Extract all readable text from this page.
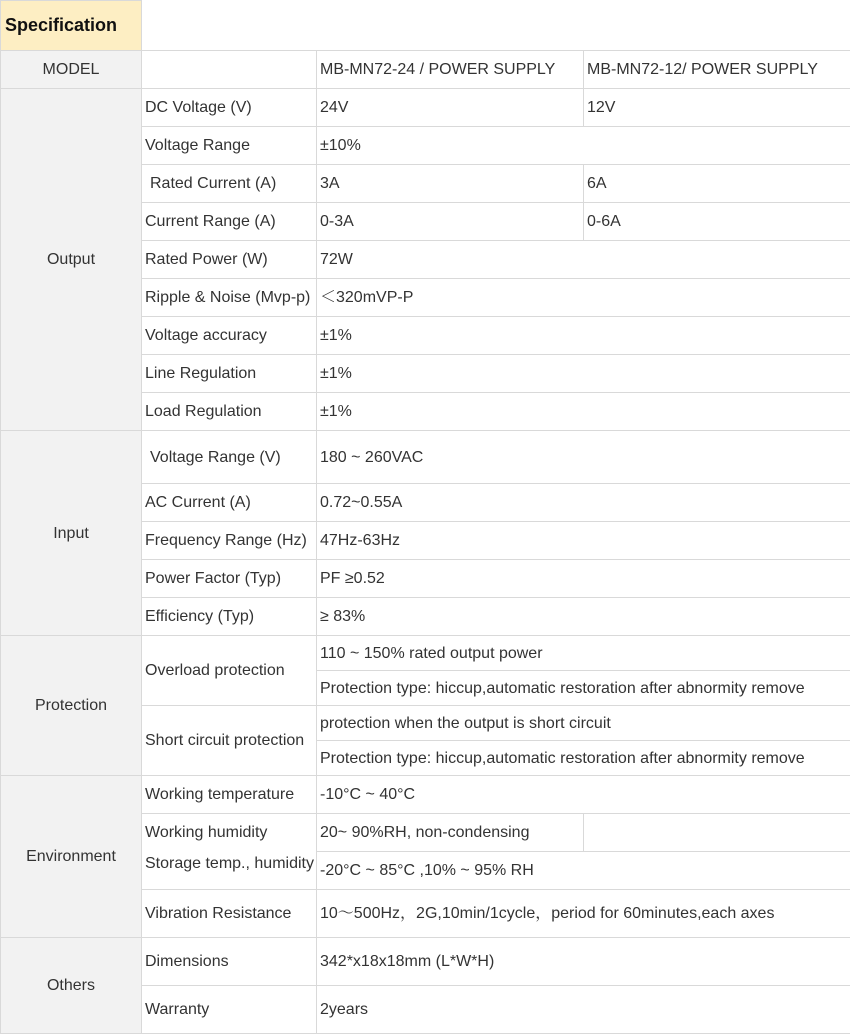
Specification			
MODEL		MB-MN72-24 / POWER SUPPLY	MB-MN72-12/ POWER SUPPLY
Output	DC Voltage (V)	24V	12V
	Voltage Range	±10%	
	Rated Current (A)	3A	6A
	Current Range (A)	0-3A	0-6A
	Rated Power (W)	72W	
	Ripple & Noise (Mvp-p)	＜320mVP-P	
	Voltage accuracy	±1%	
	Line Regulation	±1%	
	Load Regulation	±1%	
Input	Voltage Range (V)	180 ~ 260VAC	
	AC Current (A)	0.72~0.55A	
	Frequency Range (Hz)	47Hz-63Hz	
	Power Factor (Typ)	PF ≥0.52	
	Efficiency (Typ)	≥ 83%	
Protection	Overload protection	110 ~ 150% rated output power	
		Protection type: hiccup,automatic restoration after abnormity remove	
	Short circuit protection	protection when the output is short circuit	
		Protection type: hiccup,automatic restoration after abnormity remove	
Environment	Working temperature	-10°C ~ 40°C	
	Working humidity	20~ 90%RH, non-condensing	
	Storage temp., humidity	-20°C ~ 85°C ,10% ~ 95% RH	
	Vibration Resistance	10～500Hz，2G,10min/1cycle，period for 60minutes,each axes	
Others	Dimensions	342*x18x18mm (L*W*H)	
	Warranty	2years	
